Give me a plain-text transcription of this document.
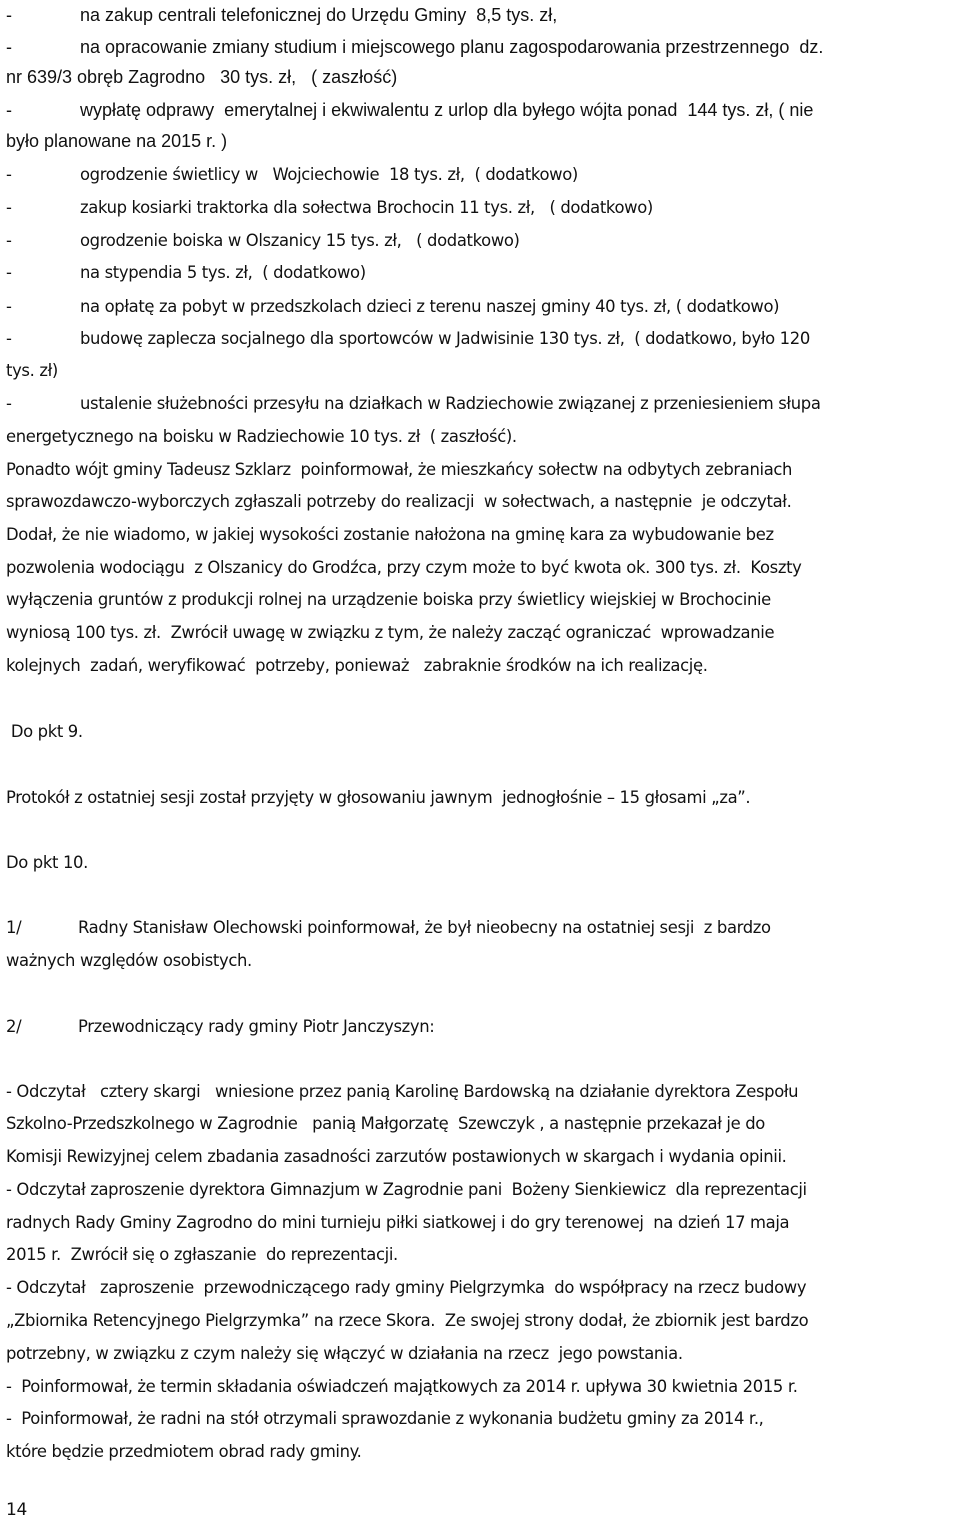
-	na zakup centrali telefonicznej do Urzędu Gminy  8,5 tys. zł,
-	na opracowanie zmiany studium i miejscowego planu zagospodarowania przestrzennego  dz.
nr 639/3 obręb Zagrodno   30 tys. zł,   ( zaszłość)
-	wypłatę odprawy  emerytalnej i ekwiwalentu z urlop dla byłego wójta ponad  144 tys. zł, ( nie
było planowane na 2015 r. )
-	ogrodzenie świetlicy w   Wojciechowie  18 tys. zł,  ( dodatkowo)
-	zakup kosiarki traktorka dla sołectwa Brochocin 11 tys. zł,   ( dodatkowo)
-	ogrodzenie boiska w Olszanicy 15 tys. zł,   ( dodatkowo)
-	na stypendia 5 tys. zł,  ( dodatkowo)
-	na opłatę za pobyt w przedszkolach dzieci z terenu naszej gminy 40 tys. zł, ( dodatkowo)
-	budowę zaplecza socjalnego dla sportowców w Jadwisinie 130 tys. zł,  ( dodatkowo, było 120
tys. zł)
-	ustalenie służebności przesyłu na działkach w Radziechowie związanej z przeniesieniem słupa
energetycznego na boisku w Radziechowie 10 tys. zł  ( zaszłość).
Ponadto wójt gminy Tadeusz Szklarz  poinformował, że mieszkańcy sołectw na odbytych zebraniach
sprawozdawczo-wyborczych zgłaszali potrzeby do realizacji  w sołectwach, a następnie  je odczytał.
Dodał, że nie wiadomo, w jakiej wysokości zostanie nałożona na gminę kara za wybudowanie bez
pozwolenia wodociągu  z Olszanicy do Grodźca, przy czym może to być kwota ok. 300 tys. zł.  Koszty
wyłączenia gruntów z produkcji rolnej na urządzenie boiska przy świetlicy wiejskiej w Brochocinie
wyniosą 100 tys. zł.  Zwrócił uwagę w związku z tym, że należy zacząć ograniczać  wprowadzanie
kolejnych  zadań, weryfikować  potrzeby, ponieważ   zabraknie środków na ich realizację.
Do pkt 9.
Protokół z ostatniej sesji został przyjęty w głosowaniu jawnym  jednogłośnie – 15 głosami „za”.
Do pkt 10.
1/	Radny Stanisław Olechowski poinformował, że był nieobecny na ostatniej sesji  z bardzo
ważnych względów osobistych.
2/	Przewodniczący rady gminy Piotr Janczyszyn:
- Odczytał   cztery skargi   wniesione przez panią Karolinę Bardowską na działanie dyrektora Zespołu
Szkolno-Przedszkolnego w Zagrodnie   panią Małgorzatę  Szewczyk , a następnie przekazał je do
Komisji Rewizyjnej celem zbadania zasadności zarzutów postawionych w skargach i wydania opinii.
- Odczytał zaproszenie dyrektora Gimnazjum w Zagrodnie pani  Bożeny Sienkiewicz  dla reprezentacji
radnych Rady Gminy Zagrodno do mini turnieju piłki siatkowej i do gry terenowej  na dzień 17 maja
2015 r.  Zwrócił się o zgłaszanie  do reprezentacji.
- Odczytał   zaproszenie  przewodniczącego rady gminy Pielgrzymka  do współpracy na rzecz budowy
„Zbiornika Retencyjnego Pielgrzymka” na rzece Skora.  Ze swojej strony dodał, że zbiornik jest bardzo
potrzebny, w związku z czym należy się włączyć w działania na rzecz  jego powstania.
-  Poinformował, że termin składania oświadczeń majątkowych za 2014 r. upływa 30 kwietnia 2015 r.
-  Poinformował, że radni na stół otrzymali sprawozdanie z wykonania budżetu gminy za 2014 r.,
które będzie przedmiotem obrad rady gminy.
14
